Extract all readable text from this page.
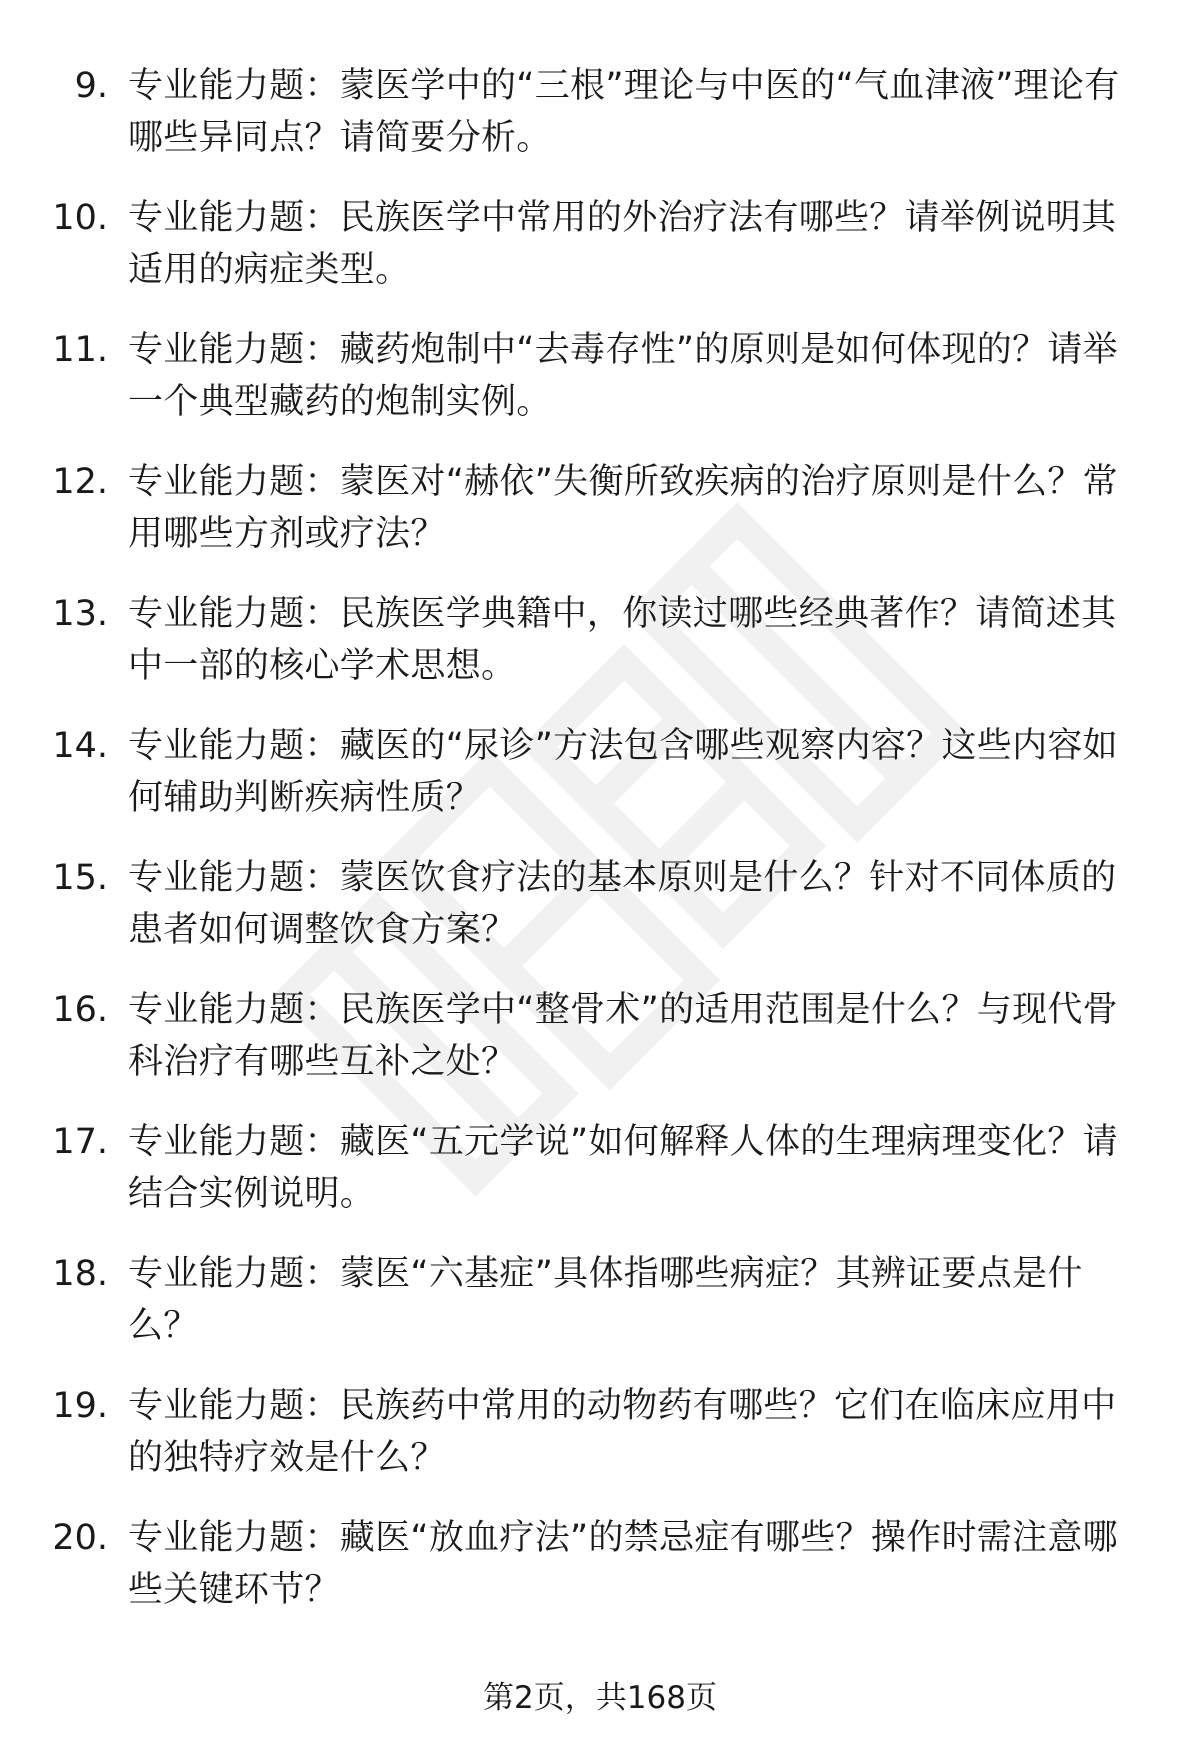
9. 专业能力题：蒙医学中的“三根”理论与中医的“气血津液”理论有哪些异同点？请简要分析。
10. 专业能力题：民族医学中常用的外治疗法有哪些？请举例说明其适用的病症类型。
11. 专业能力题：藏药炮制中“去毒存性”的原则是如何体现的？请举一个典型藏药的炮制实例。
12. 专业能力题：蒙医对“赫依”失衡所致疾病的治疗原则是什么？常用哪些方剂或疗法？
13. 专业能力题：民族医学典籍中，你读过哪些经典著作？请简述其中一部的核心学术思想。
14. 专业能力题：藏医的“尿诊”方法包含哪些观察内容？这些内容如何辅助判断疾病性质？
15. 专业能力题：蒙医饮食疗法的基本原则是什么？针对不同体质的患者如何调整饮食方案？
16. 专业能力题：民族医学中“整骨术”的适用范围是什么？与现代骨科治疗有哪些互补之处？
17. 专业能力题：藏医“五元学说”如何解释人体的生理病理变化？请结合实例说明。
18. 专业能力题：蒙医“六基症”具体指哪些病症？其辨证要点是什么？
19. 专业能力题：民族药中常用的动物药有哪些？它们在临床应用中的独特疗效是什么？
20. 专业能力题：藏医“放血疗法”的禁忌症有哪些？操作时需注意哪些关键环节？
第2页，共168页
